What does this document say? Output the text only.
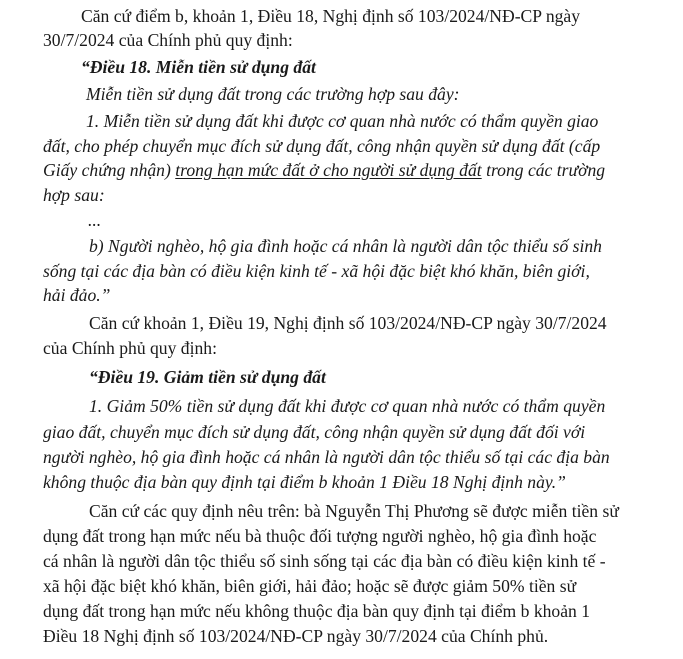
Căn cứ điểm b, khoản 1, Điều 18, Nghị định số 103/2024/NĐ-CP ngày
30/7/2024 của Chính phủ quy định:
“Điều 18. Miễn tiền sử dụng đất
Miễn tiền sử dụng đất trong các trường hợp sau đây:
1. Miễn tiền sử dụng đất khi được cơ quan nhà nước có thẩm quyền giao
đất, cho phép chuyển mục đích sử dụng đất, công nhận quyền sử dụng đất (cấp
Giấy chứng nhận) trong hạn mức đất ở cho người sử dụng đất trong các trường
hợp sau:
...
b) Người nghèo, hộ gia đình hoặc cá nhân là người dân tộc thiểu số sinh
sống tại các địa bàn có điều kiện kinh tế - xã hội đặc biệt khó khăn, biên giới,
hải đảo.”
Căn cứ khoản 1, Điều 19, Nghị định số 103/2024/NĐ-CP ngày 30/7/2024
của Chính phủ quy định:
“Điều 19. Giảm tiền sử dụng đất
1. Giảm 50% tiền sử dụng đất khi được cơ quan nhà nước có thẩm quyền
giao đất, chuyển mục đích sử dụng đất, công nhận quyền sử dụng đất đối với
người nghèo, hộ gia đình hoặc cá nhân là người dân tộc thiểu số tại các địa bàn
không thuộc địa bàn quy định tại điểm b khoản 1 Điều 18 Nghị định này.”
Căn cứ các quy định nêu trên: bà Nguyễn Thị Phương sẽ được miễn tiền sử
dụng đất trong hạn mức nếu bà thuộc đối tượng người nghèo, hộ gia đình hoặc
cá nhân là người dân tộc thiểu số sinh sống tại các địa bàn có điều kiện kinh tế -
xã hội đặc biệt khó khăn, biên giới, hải đảo; hoặc sẽ được giảm 50% tiền sử
dụng đất trong hạn mức nếu không thuộc địa bàn quy định tại điểm b khoản 1
Điều 18 Nghị định số 103/2024/NĐ-CP ngày 30/7/2024 của Chính phủ.
